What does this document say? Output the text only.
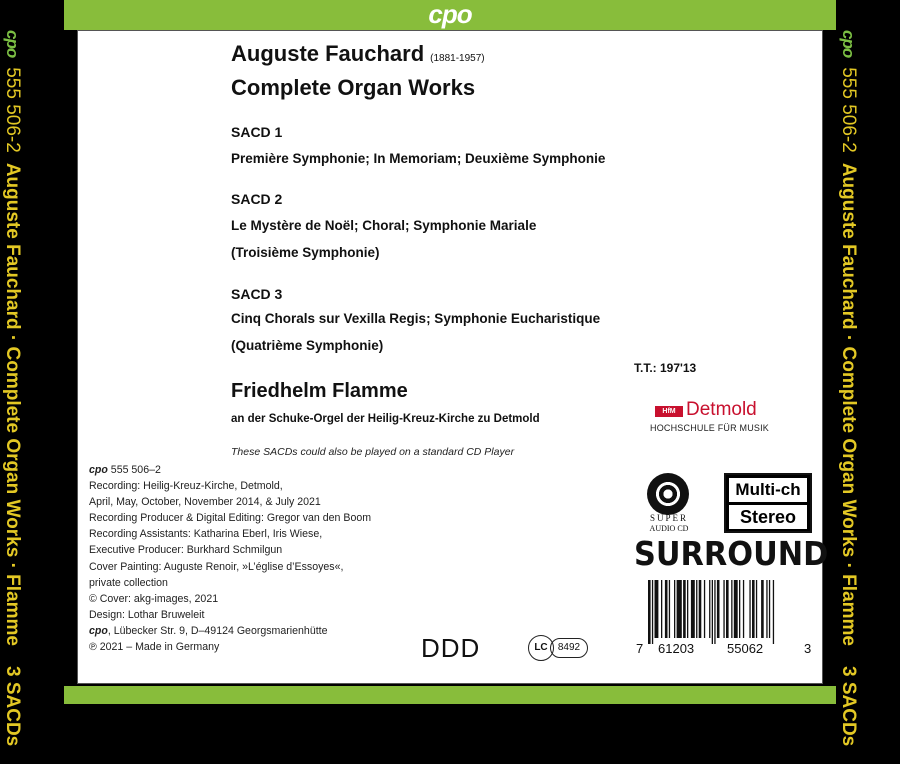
cpo
555 506-2
Auguste Fauchard · Complete Organ Works · Flamme
3 SACDs
cpo
555 506-2
Auguste Fauchard · Complete Organ Works · Flamme
3 SACDs
cpo
Auguste Fauchard (1881-1957)
Complete Organ Works
SACD 1
Première Symphonie; In Memoriam; Deuxième Symphonie
SACD 2
Le Mystère de Noël; Choral; Symphonie Mariale
(Troisième Symphonie)
SACD 3
Cinq Chorals sur Vexilla Regis; Symphonie Eucharistique
(Quatrième Symphonie)
T.T.: 197'13
Friedhelm Flamme
an der Schuke-Orgel der Heilig-Kreuz-Kirche zu Detmold
HfM Detmold
HOCHSCHULE FÜR MUSIK
These SACDs could also be played on a standard CD Player
cpo 555 506–2
Recording: Heilig-Kreuz-Kirche, Detmold,
April, May, October, November 2014, & July 2021
Recording Producer & Digital Editing: Gregor van den Boom
Recording Assistants: Katharina Eberl, Iris Wiese,
Executive Producer: Burkhard Schmilgun
Cover Painting: Auguste Renoir, »L’église d’Essoyes«,
private collection
© Cover: akg-images, 2021
Design: Lothar Bruweleit
cpo, Lübecker Str. 9, D–49124 Georgsmarienhütte
℗ 2021 – Made in Germany	DDD	8492
LC
SUPER
AUDIO CD
Multi-ch
Stereo
SURROUND
7 61203	55062	3
